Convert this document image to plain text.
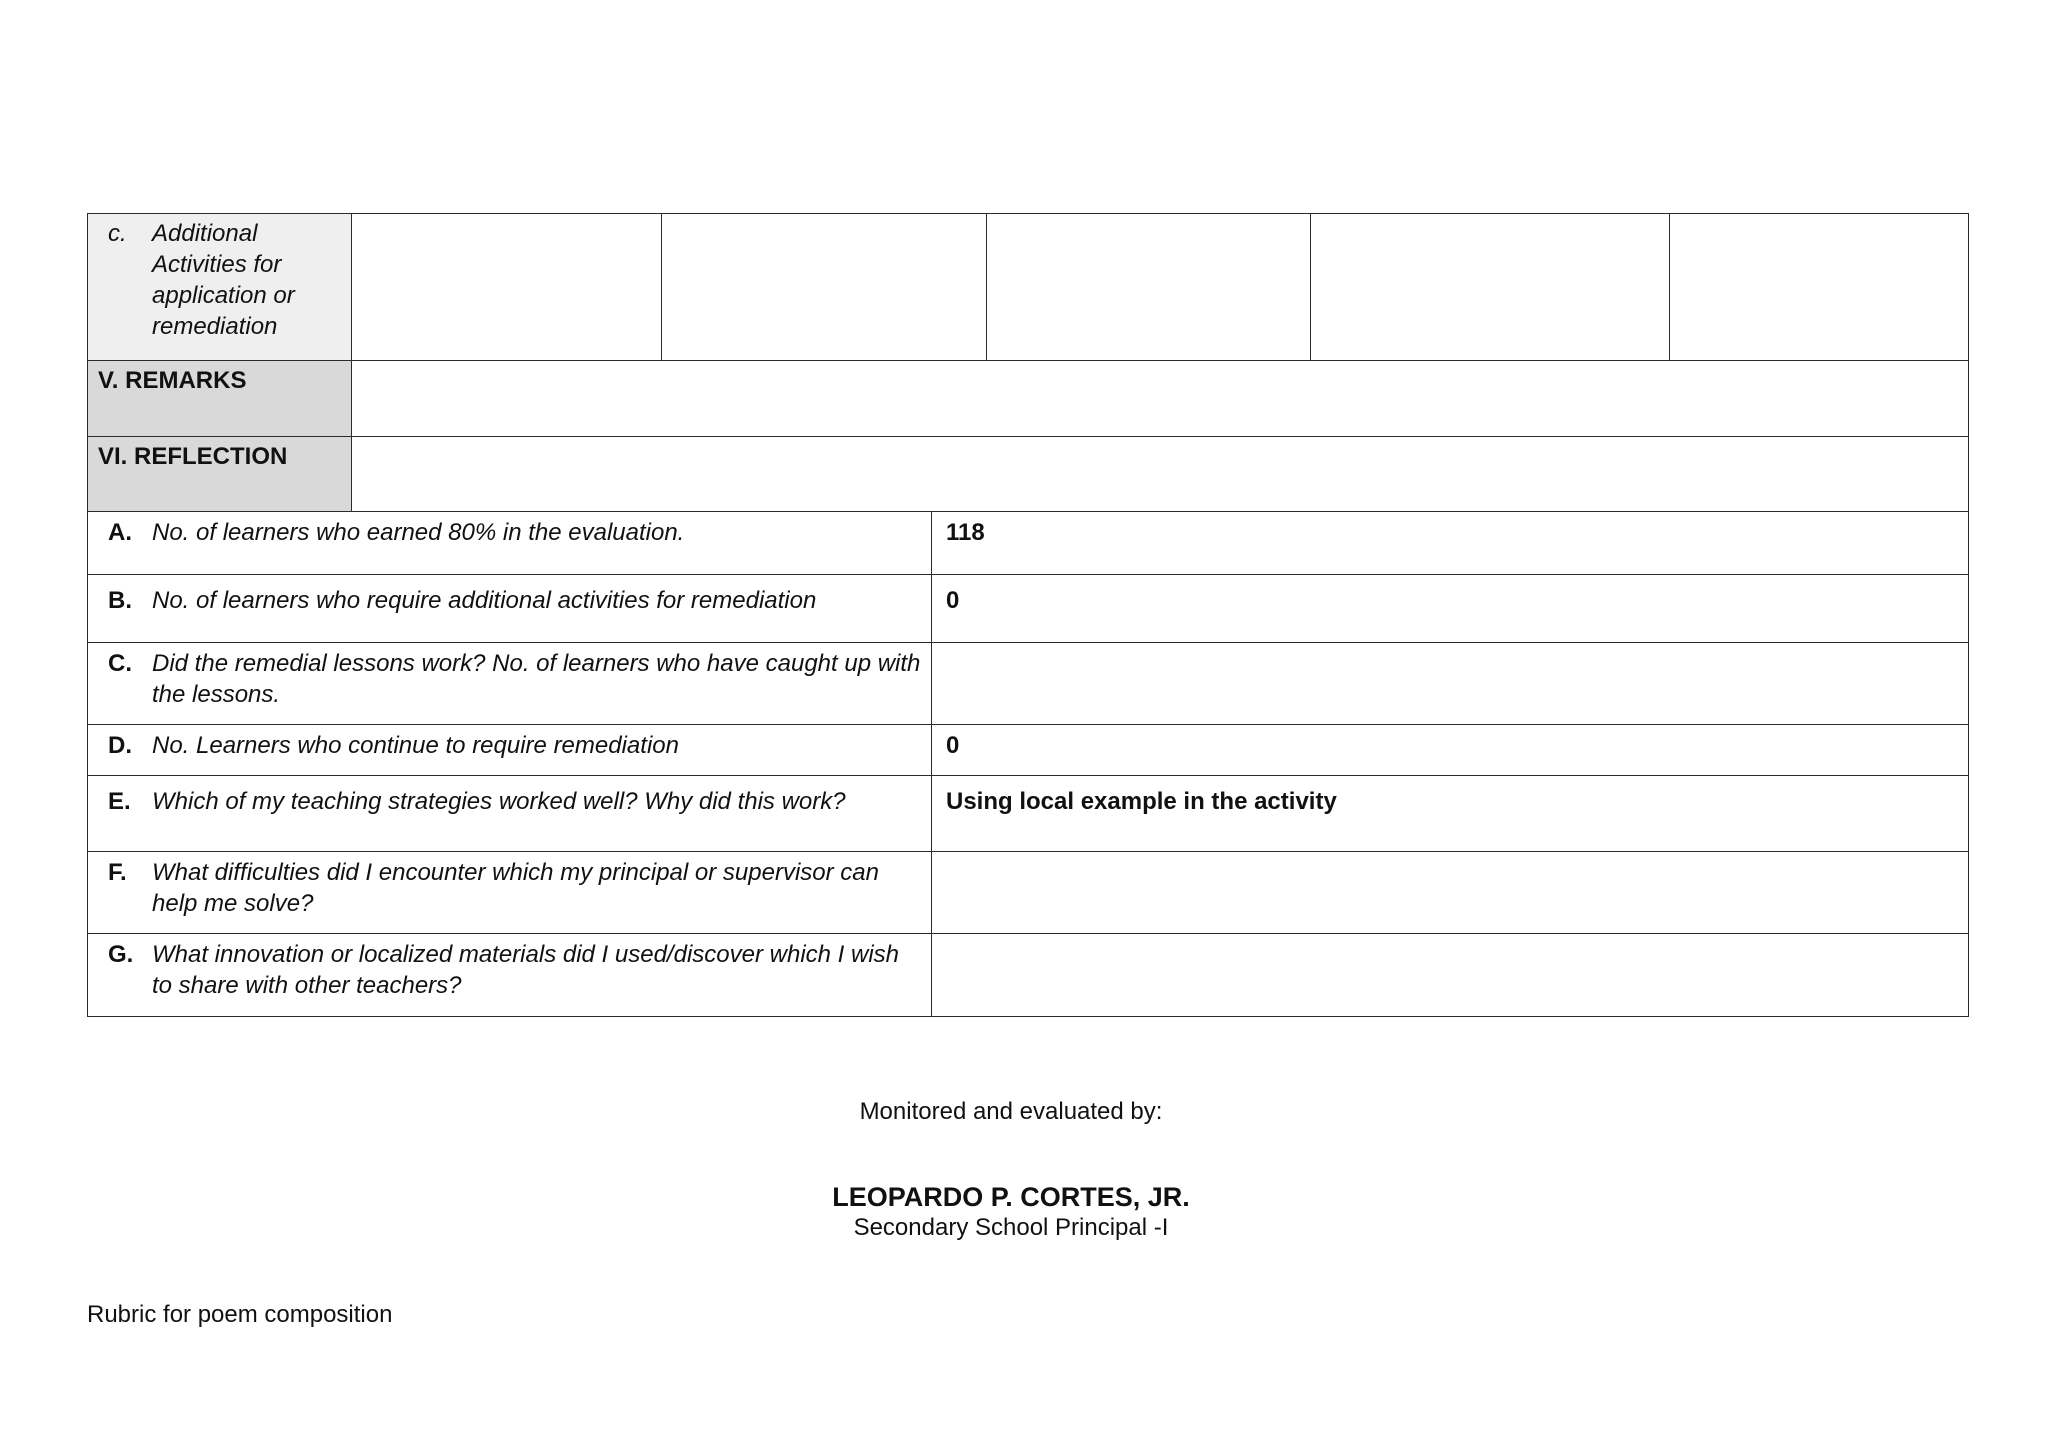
c. Additional Activities for application or remediation						

V. REMARKS						

VI. REFLECTION						

A. No. of learners who earned 80% in the evaluation.			118			

B. No. of learners who require additional activities for remediation			0			

C. Did the remedial lessons work? No. of learners who have caught up with the lessons.						

D. No. Learners who continue to require remediation			0			

E. Which of my teaching strategies worked well? Why did this work?			Using local example in the activity			

F. What difficulties did I encounter which my principal or supervisor can help me solve?						

G. What innovation or localized materials did I used/discover which I wish to share with other teachers?						

Monitored and evaluated by:
LEOPARDO P. CORTES, JR.
Secondary School Principal -I
Rubric for poem composition
